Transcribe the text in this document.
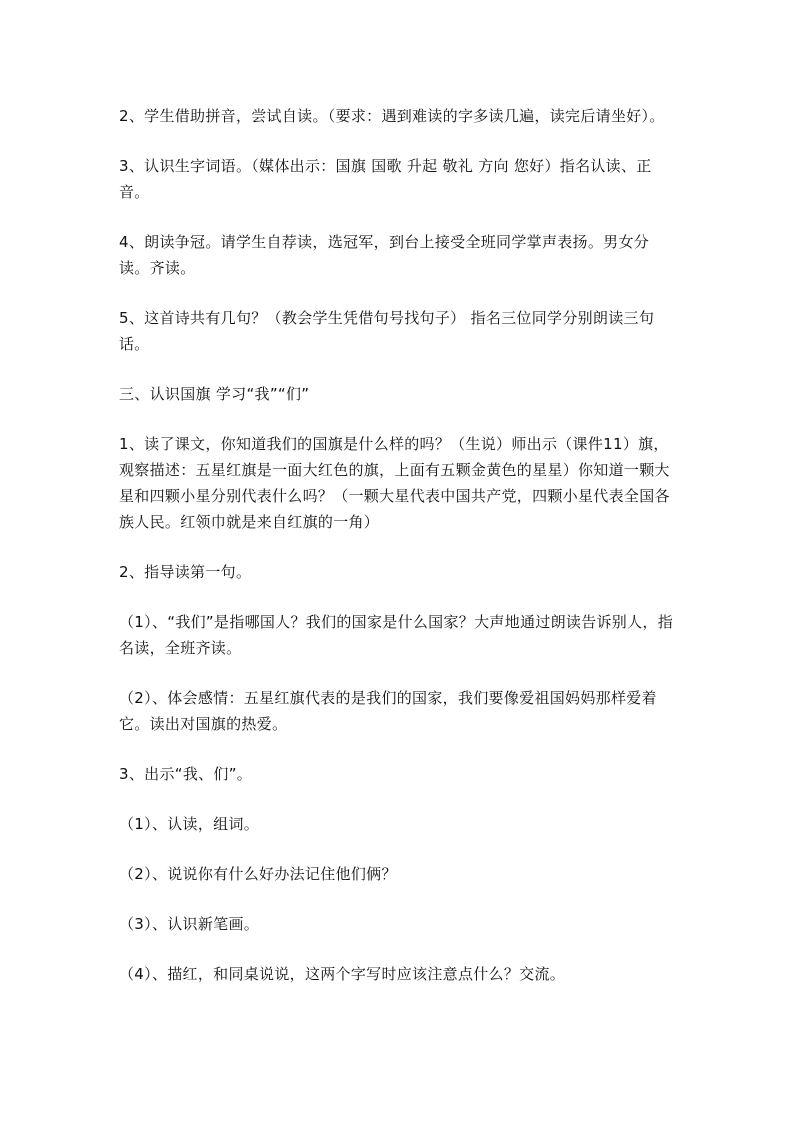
2、学生借助拼音，尝试自读。（要求：遇到难读的字多读几遍，读完后请坐好）。

3、认识生字词语。（媒体出示：国旗 国歌 升起 敬礼 方向 您好）指名认读、正音。

4、朗读争冠。请学生自荐读，选冠军，到台上接受全班同学掌声表扬。男女分读。齐读。

5、这首诗共有几句？（教会学生凭借句号找句子） 指名三位同学分别朗读三句话。

三、认识国旗 学习“我”“们”

1、读了课文，你知道我们的国旗是什么样的吗？（生说）师出示（课件11）旗，观察描述：五星红旗是一面大红色的旗，上面有五颗金黄色的星星）你知道一颗大星和四颗小星分别代表什么吗？（一颗大星代表中国共产党，四颗小星代表全国各族人民。红领巾就是来自红旗的一角）

2、指导读第一句。

（1）、“我们”是指哪国人？我们的国家是什么国家？大声地通过朗读告诉别人，指名读，全班齐读。

（2）、体会感情：五星红旗代表的是我们的国家，我们要像爱祖国妈妈那样爱着它。读出对国旗的热爱。

3、出示“我、们”。

（1）、认读，组词。

（2）、说说你有什么好办法记住他们俩？

（3）、认识新笔画。

（4）、描红，和同桌说说，这两个字写时应该注意点什么？交流。
